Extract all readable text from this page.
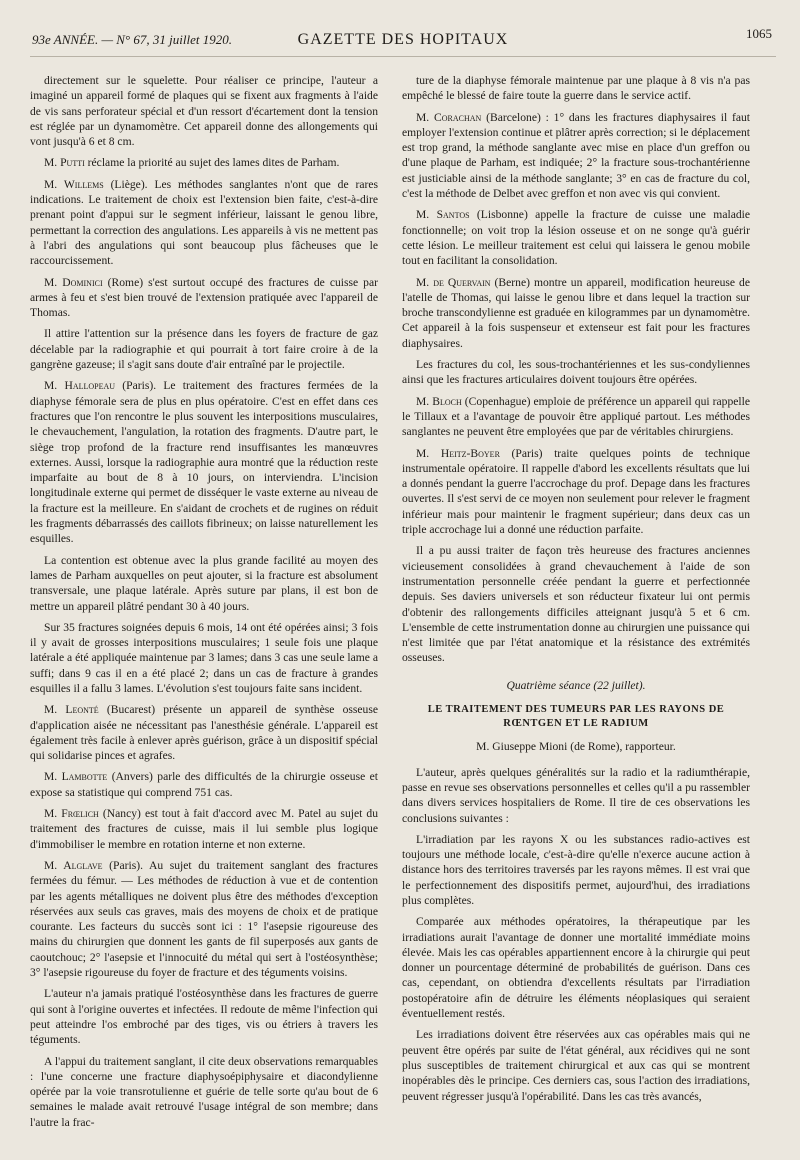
93e ANNÉE. — N° 67, 31 juillet 1920.	GAZETTE DES HOPITAUX	1065

directement sur le squelette. Pour réaliser ce principe, l'auteur a imaginé un appareil formé de plaques qui se fixent aux fragments à l'aide de vis sans perforateur spécial et d'un ressort d'écartement dont la tension est réglée par un dynamomètre. Cet appareil donne des allongements qui vont jusqu'à 6 et 8 cm.

M. Putti réclame la priorité au sujet des lames dites de Parham.

M. Willems (Liège). Les méthodes sanglantes n'ont que de rares indications. Le traitement de choix est l'extension bien faite, c'est-à-dire prenant point d'appui sur le segment inférieur, laissant le genou libre, permettant la correction des angulations. Les appareils à vis ne mettent pas à l'abri des angulations qui sont beaucoup plus fâcheuses que le raccourcissement.

M. Dominici (Rome) s'est surtout occupé des fractures de cuisse par armes à feu et s'est bien trouvé de l'extension pratiquée avec l'appareil de Thomas.

Il attire l'attention sur la présence dans les foyers de fracture de gaz décelable par la radiographie et qui pourrait à tort faire croire à de la gangrène gazeuse; il s'agit sans doute d'air entraîné par le projectile.

M. Hallopeau (Paris). Le traitement des fractures fermées de la diaphyse fémorale sera de plus en plus opératoire. C'est en effet dans ces fractures que l'on rencontre le plus souvent les interpositions musculaires, le chevauchement, l'angulation, la rotation des fragments. D'autre part, le siège trop profond de la fracture rend insuffisantes les manœuvres externes. Aussi, lorsque la radiographie aura montré que la réduction reste imparfaite au bout de 8 à 10 jours, on interviendra. L'incision longitudinale externe qui permet de disséquer le vaste externe au niveau de la fracture est la meilleure. En s'aidant de crochets et de rugines on réduit les fragments débarrassés des caillots fibrineux; on laisse naturellement les esquilles.

La contention est obtenue avec la plus grande facilité au moyen des lames de Parham auxquelles on peut ajouter, si la fracture est absolument transversale, une plaque latérale. Après suture par plans, il est bon de mettre un appareil plâtré pendant 30 à 40 jours.

Sur 35 fractures soignées depuis 6 mois, 14 ont été opérées ainsi; 3 fois il y avait de grosses interpositions musculaires; 1 seule fois une plaque latérale a été appliquée maintenue par 3 lames; dans 3 cas une seule lame a suffi; dans 9 cas il en a été placé 2; dans un cas de fracture à grandes esquilles il a fallu 3 lames. L'évolution s'est toujours faite sans incident.

M. Leonté (Bucarest) présente un appareil de synthèse osseuse d'application aisée ne nécessitant pas l'anesthésie générale. L'appareil est également très facile à enlever après guérison, grâce à un dispositif spécial qui solidarise pinces et agrafes.

M. Lambotte (Anvers) parle des difficultés de la chirurgie osseuse et expose sa statistique qui comprend 751 cas.

M. Frœlich (Nancy) est tout à fait d'accord avec M. Patel au sujet du traitement des fractures de cuisse, mais il lui semble plus logique d'immobiliser le membre en rotation interne et non externe.

M. Alglave (Paris). Au sujet du traitement sanglant des fractures fermées du fémur. — Les méthodes de réduction à vue et de contention par les agents métalliques ne doivent plus être des méthodes d'exception réservées aux seuls cas graves, mais des moyens de choix et de pratique courante. Les facteurs du succès sont ici : 1° l'asepsie rigoureuse des mains du chirurgien que donnent les gants de fil superposés aux gants de caoutchouc; 2° l'asepsie et l'innocuité du métal qui sert à l'ostéosynthèse; 3° l'asepsie rigoureuse du foyer de fracture et des téguments voisins.

L'auteur n'a jamais pratiqué l'ostéosynthèse dans les fractures de guerre qui sont à l'origine ouvertes et infectées. Il redoute de même l'infection qui peut atteindre l'os embroché par des tiges, vis ou étriers à travers les téguments.

A l'appui du traitement sanglant, il cite deux observations remarquables : l'une concerne une fracture diaphysoépiphysaire et diacondylienne opérée par la voie transrotulienne et guérie de telle sorte qu'au bout de 6 semaines le malade avait retrouvé l'usage intégral de son membre; dans l'autre la frac-

ture de la diaphyse fémorale maintenue par une plaque à 8 vis n'a pas empêché le blessé de faire toute la guerre dans le service actif.

M. Corachan (Barcelone) : 1° dans les fractures diaphysaires il faut employer l'extension continue et plâtrer après correction; si le déplacement est trop grand, la méthode sanglante avec mise en place d'un greffon ou d'une plaque de Parham, est indiquée; 2° la fracture sous-trochantérienne est justiciable ainsi de la méthode sanglante; 3° en cas de fracture du col, c'est la méthode de Delbet avec greffon et non avec vis qui convient.

M. Santos (Lisbonne) appelle la fracture de cuisse une maladie fonctionnelle; on voit trop la lésion osseuse et on ne songe qu'à guérir cette lésion. Le meilleur traitement est celui qui laissera le genou mobile tout en facilitant la consolidation.

M. de Quervain (Berne) montre un appareil, modification heureuse de l'atelle de Thomas, qui laisse le genou libre et dans lequel la traction sur broche transcondylienne est graduée en kilogrammes par un dynamomètre. Cet appareil à la fois suspenseur et extenseur est fait pour les fractures diaphysaires.

Les fractures du col, les sous-trochantériennes et les sus-condyliennes ainsi que les fractures articulaires doivent toujours être opérées.

M. Bloch (Copenhague) emploie de préférence un appareil qui rappelle le Tillaux et a l'avantage de pouvoir être appliqué partout. Les méthodes sanglantes ne peuvent être employées que par de véritables chirurgiens.

M. Heitz-Boyer (Paris) traite quelques points de technique instrumentale opératoire. Il rappelle d'abord les excellents résultats que lui a donnés pendant la guerre l'accrochage du prof. Depage dans les fractures ouvertes. Il s'est servi de ce moyen non seulement pour relever le fragment inférieur mais pour maintenir le fragment supérieur; dans deux cas un triple accrochage lui a donné une réduction parfaite.

Il a pu aussi traiter de façon très heureuse des fractures anciennes vicieusement consolidées à grand chevauchement à l'aide de son instrumentation personnelle créée pendant la guerre et perfectionnée depuis. Ses daviers universels et son réducteur fixateur lui ont permis d'obtenir des rallongements difficiles atteignant jusqu'à 5 et 6 cm. L'ensemble de cette instrumentation donne au chirurgien une puissance qui n'est limitée que par l'état anatomique et la résistance des extrémités osseuses.

Quatrième séance (22 juillet).
LE TRAITEMENT DES TUMEURS PAR LES RAYONS DE RŒNTGEN ET LE RADIUM
M. Giuseppe Mioni (de Rome), rapporteur.

L'auteur, après quelques généralités sur la radio et la radiumthérapie, passe en revue ses observations personnelles et celles qu'il a pu rassembler dans divers services hospitaliers de Rome. Il tire de ces observations les conclusions suivantes :

L'irradiation par les rayons X ou les substances radio-actives est toujours une méthode locale, c'est-à-dire qu'elle n'exerce aucune action à distance hors des territoires traversés par les rayons mêmes. Il est vrai que le perfectionnement des dispositifs permet, aujourd'hui, des irradiations plus complètes.

Comparée aux méthodes opératoires, la thérapeutique par les irradiations aurait l'avantage de donner une mortalité immédiate moins élevée. Mais les cas opérables appartiennent encore à la chirurgie qui peut donner un pourcentage déterminé de probabilités de guérison. Dans ces cas, cependant, on obtiendra d'excellents résultats par l'irradiation postopératoire afin de détruire les éléments néoplasiques qui seraient éventuellement restés.

Les irradiations doivent être réservées aux cas opérables mais qui ne peuvent être opérés par suite de l'état général, aux récidives qui ne sont plus susceptibles de traitement chirurgical et aux cas qui se montrent inopérables dès le principe. Ces derniers cas, sous l'action des irradiations, peuvent régresser jusqu'à l'opérabilité. Dans les cas très avancés,
